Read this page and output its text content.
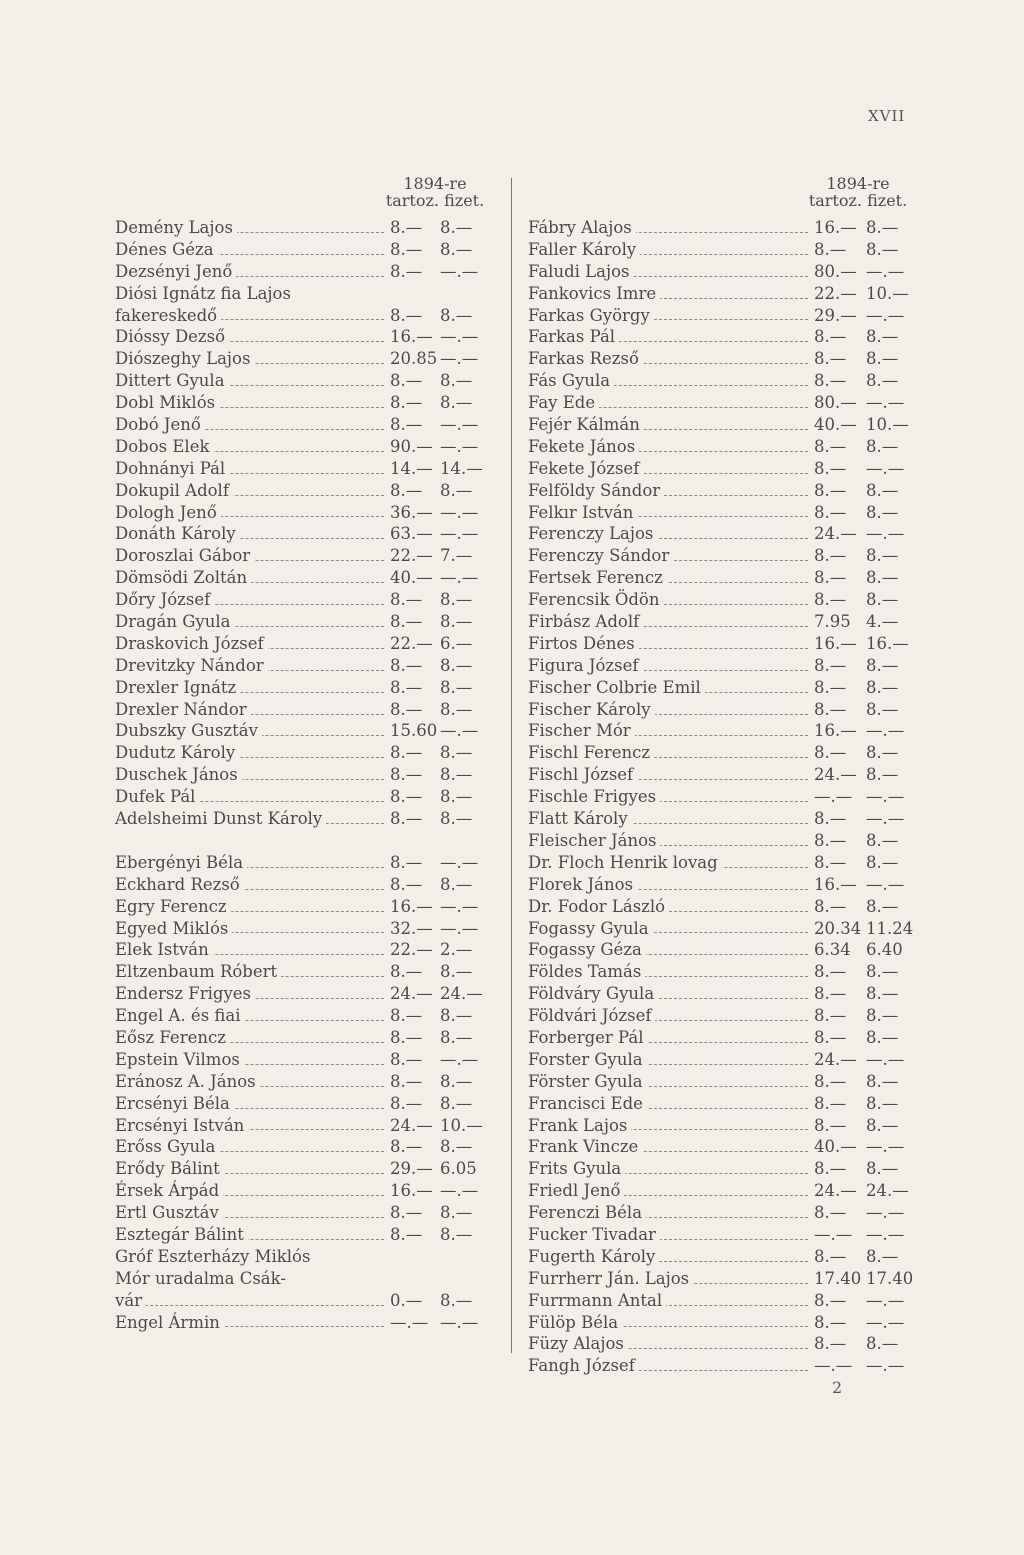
XVII
1894-re
tartoz. fizet.
Demény Lajos	8.—	8.—
Dénes Géza	8.—	8.—
Dezsényi Jenő	8.—	—.—
Diósi Ignátz fia Lajos
fakereskedő	8.—	8.—
Dióssy Dezső	16.— —.—
Diószeghy Lajos	20.85 —.—
Dittert Gyula	8.—	8.—
Dobl Miklós	8.—	8.—
Dobó Jenő	8.—	—.—
Dobos Elek	90.— —.—
Dohnányi Pál	14.— 14.—
Dokupil Adolf	8.—	8.—
Dologh Jenő	36.— —.—
Donáth Károly	63.— —.—
Doroszlai Gábor	22.— 7.—
Dömsödi Zoltán	40.— —.—
Dőry József	8.—	8.—
Dragán Gyula	8.—	8.—
Draskovich József	22.— 6.—
Drevitzky Nándor	8.—	8.—
Drexler Ignátz	8.—	8.—
Drexler Nándor	8.—	8.—
Dubszky Gusztáv	15.60 —.—
Dudutz Károly	8.—	8.—
Duschek János	8.—	8.—
Dufek Pál	8.—	8.—
Adelsheimi Dunst Károly	8.—	8.—
Ebergényi Béla	8.—	—.—
Eckhard Rezső	8.—	8.—
Egry Ferencz	16.— —.—
Egyed Miklós	32.— —.—
Elek István	22.— 2.—
Eltzenbaum Róbert	8.—	8.—
Endersz Frigyes	24.— 24.—
Engel A. és fiai	8.—	8.—
Eősz Ferencz	8.—	8.—
Epstein Vilmos	8.—	—.—
Eránosz A. János	8.—	8.—
Ercsényi Béla	8.—	8.—
Ercsényi István	24.— 10.—
Erőss Gyula	8.—	8.—
Erődy Bálint	29.— 6.05
Érsek Árpád	16.— —.—
Ertl Gusztáv	8.—	8.—
Esztegár Bálint	8.—	8.—
Gróf Eszterházy Miklós
Mór uradalma Csák-
vár	0.—	8.—
Engel Ármin	—.— —.—
1894-re
tartoz. fizet.
Fábry Alajos	16.— 8.—
Faller Károly	8.—	8.—
Faludi Lajos	80.— —.—
Fankovics Imre	22.— 10.—
Farkas György	29.— —.—
Farkas Pál	8.—	8.—
Farkas Rezső	8.—	8.—
Fás Gyula	8.—	8.—
Fay Ede	80.— —.—
Fejér Kálmán	40.— 10.—
Fekete János	8.—	8.—
Fekete József	8.—	—.—
Felföldy Sándor	8.—	8.—
Felkır István	8.—	8.—
Ferenczy Lajos	24.— —.—
Ferenczy Sándor	8.—	8.—
Fertsek Ferencz	8.—	8.—
Ferencsik Ödön	8.—	8.—
Firbász Adolf	7.95 4.—
Firtos Dénes	16.— 16.—
Figura József	8.—	8.—
Fischer Colbrie Emil	8.—	8.—
Fischer Károly	8.—	8.—
Fischer Mór	16.— —.—
Fischl Ferencz	8.—	8.—
Fischl József	24.— 8.—
Fischle Frigyes	—.— —.—
Flatt Károly	8.—	—.—
Fleischer János	8.—	8.—
Dr. Floch Henrik lovag	8.—	8.—
Florek János	16.— —.—
Dr. Fodor László	8.—	8.—
Fogassy Gyula	20.34 11.24
Fogassy Géza	6.34 6.40
Földes Tamás	8.—	8.—
Földváry Gyula	8.—	8.—
Földvári József	8.—	8.—
Forberger Pál	8.—	8.—
Forster Gyula	24.— —.—
Förster Gyula	8.—	8.—
Francisci Ede	8.—	8.—
Frank Lajos	8.—	8.—
Frank Vincze	40.— —.—
Frits Gyula	8.—	8.—
Friedl Jenő	24.— 24.—
Ferenczi Béla	8.—	—.—
Fucker Tivadar	—.— —.—
Fugerth Károly	8.—	8.—
Furrherr Ján. Lajos	17.40 17.40
Furrmann Antal	8.—	—.—
Fülöp Béla	8.—	—.—
Füzy Alajos	8.—	8.—
Fangh József	—.— —.—
2
